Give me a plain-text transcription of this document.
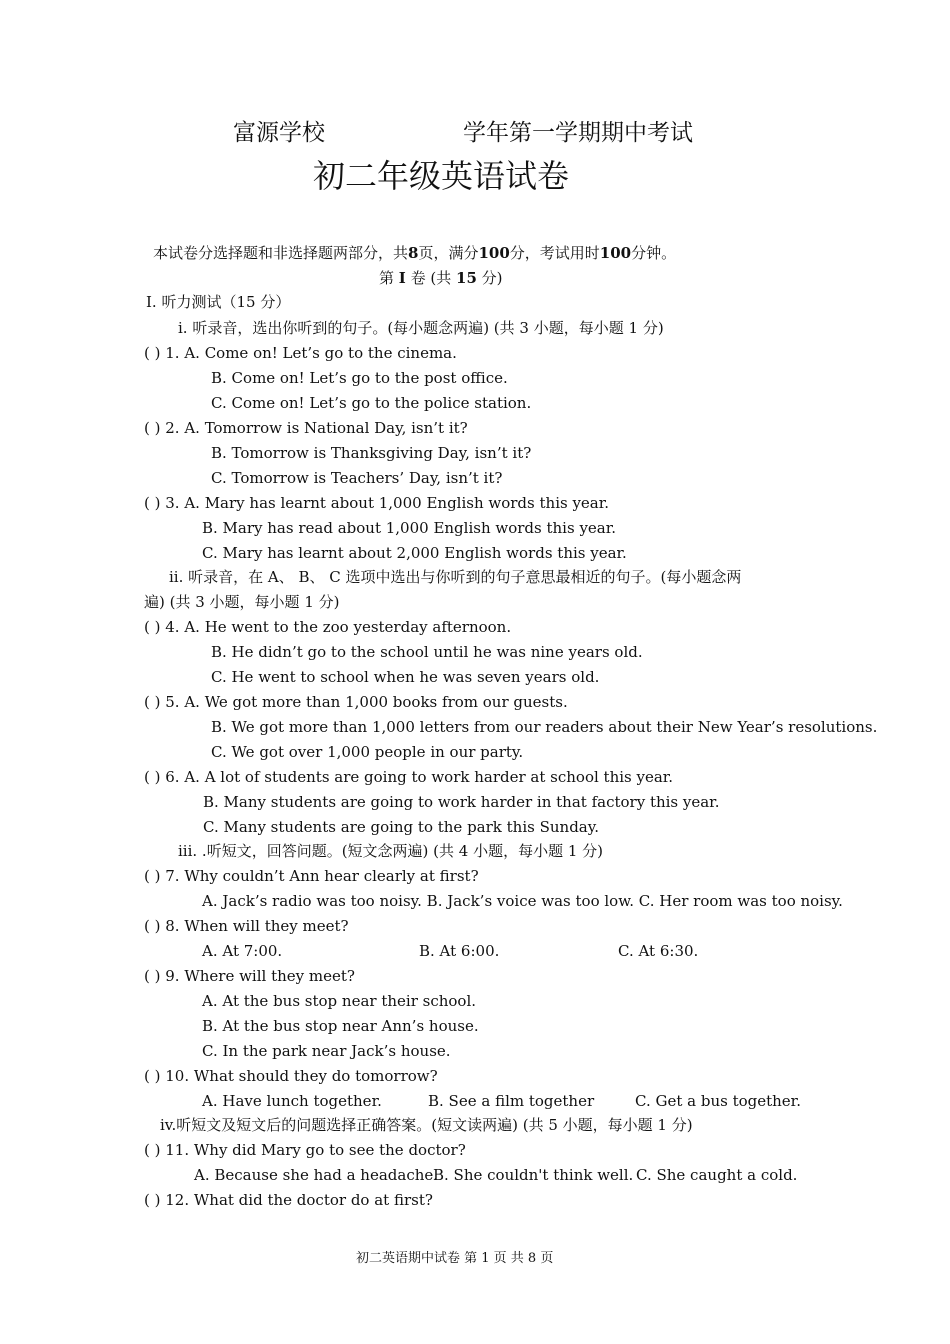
富源学校	学年第一学期期中考试
初二年级英语试卷
本试卷分选择题和非选择题两部分，共8页，满分100分，考试用时100分钟。
第 I 卷 (共 15 分)
Ⅰ. 听力测试（15 分）
i. 听录音，选出你听到的句子。(每小题念两遍) (共 3 小题，每小题 1 分)
( ) 1. A. Come on! Let’s go to the cinema.
B. Come on! Let’s go to the post office.
C. Come on! Let’s go to the police station.
( ) 2. A. Tomorrow is National Day, isn’t it?
B. Tomorrow is Thanksgiving Day, isn’t it?
C. Tomorrow is Teachers’ Day, isn’t it?
( ) 3. A. Mary has learnt about 1,000 English words this year.
B. Mary has read about 1,000 English words this year.
C. Mary has learnt about 2,000 English words this year.
ii. 听录音，在 A、 B、 C 选项中选出与你听到的句子意思最相近的句子。(每小题念两
遍) (共 3 小题，每小题 1 分)
( ) 4. A. He went to the zoo yesterday afternoon.
B. He didn’t go to the school until he was nine years old.
C. He went to school when he was seven years old.
( ) 5. A. We got more than 1,000 books from our guests.
B. We got more than 1,000 letters from our readers about their New Year’s resolutions.
C. We got over 1,000 people in our party.
( ) 6. A. A lot of students are going to work harder at school this year.
B. Many students are going to work harder in that factory this year.
C. Many students are going to the park this Sunday.
iii. .听短文，回答问题。(短文念两遍) (共 4 小题，每小题 1 分)
( ) 7. Why couldn’t Ann hear clearly at first?
A. Jack’s radio was too noisy. B. Jack’s voice was too low. C. Her room was too noisy.
( ) 8. When will they meet?
A. At 7:00.	B. At 6:00.	C. At 6:30.
( ) 9. Where will they meet?
A. At the bus stop near their school.
B. At the bus stop near Ann’s house.
C. In the park near Jack’s house.
( ) 10. What should they do tomorrow?
A. Have lunch together.	B. See a film together	C. Get a bus together.
iv.听短文及短文后的问题选择正确答案。(短文读两遍) (共 5 小题，每小题 1 分)
( ) 11. Why did Mary go to see the doctor?
A. Because she had a headache.
B. She couldn't think well. C. She caught a cold.
( ) 12. What did the doctor do at first?
初二英语期中试卷 第 1 页 共 8 页
